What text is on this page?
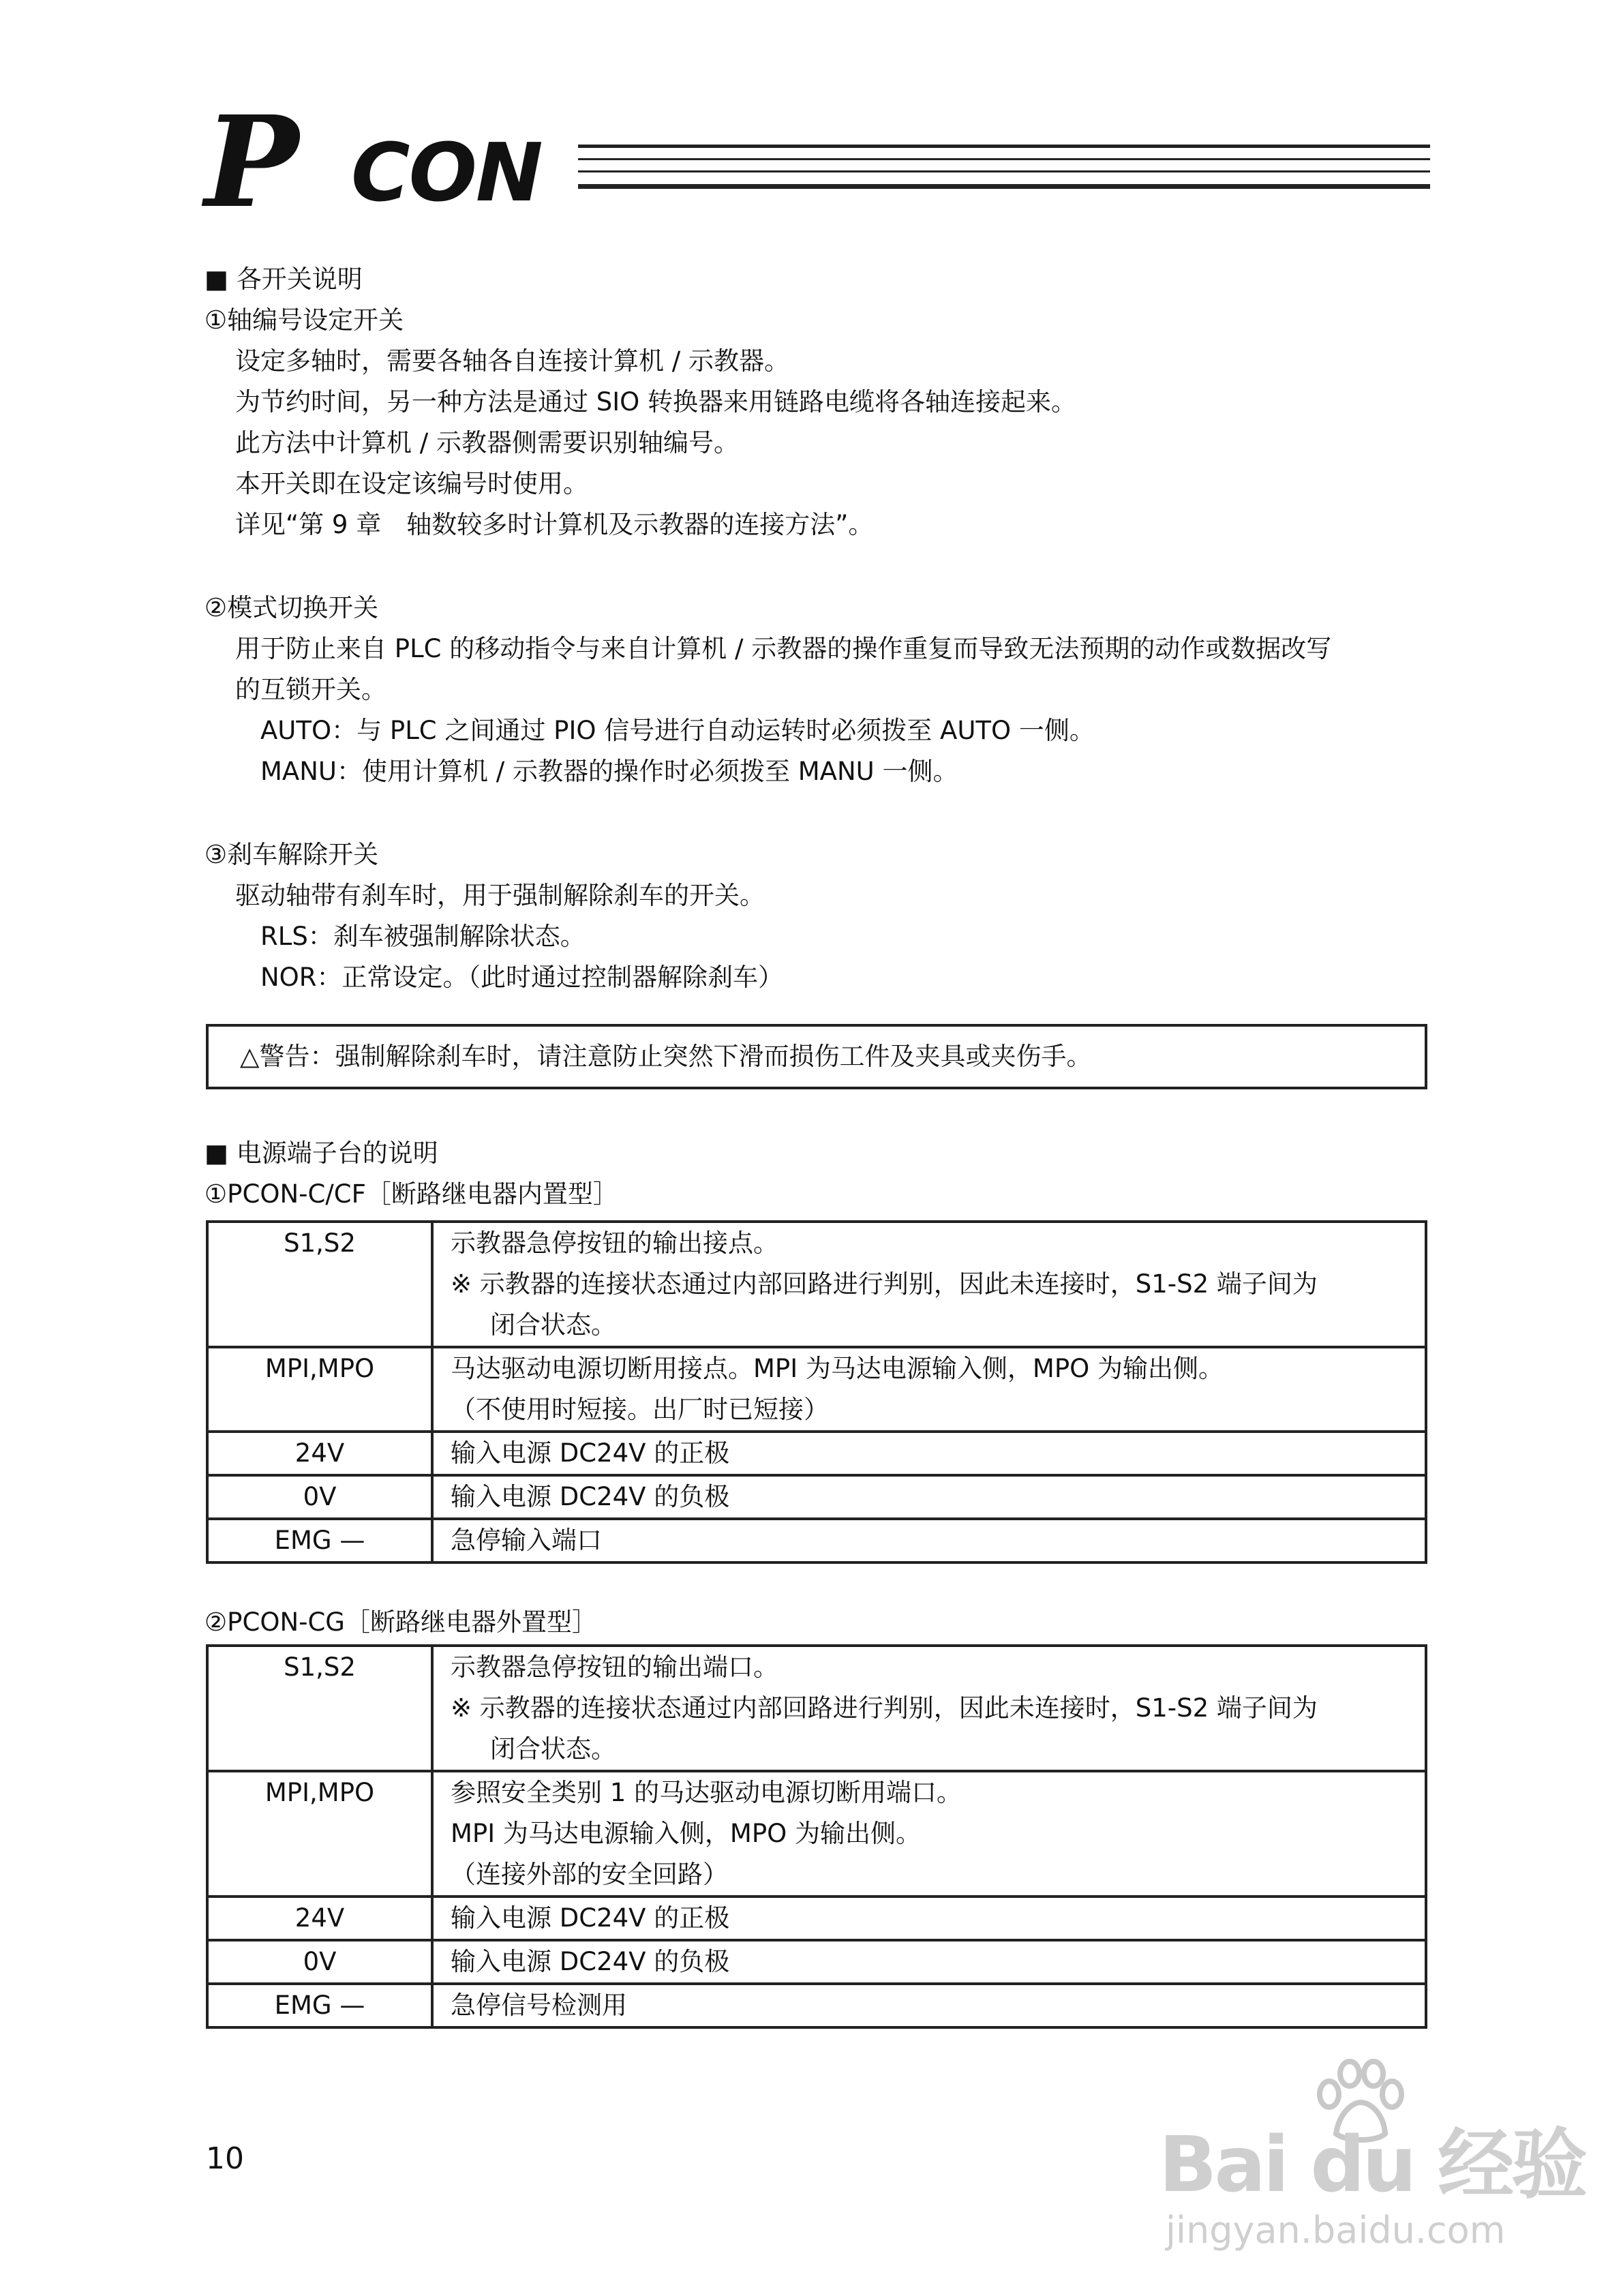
P CON
■ 各开关说明
①轴编号设定开关
设定多轴时，需要各轴各自连接计算机 / 示教器。
为节约时间，另一种方法是通过 SIO 转换器来用链路电缆将各轴连接起来。
此方法中计算机 / 示教器侧需要识别轴编号。
本开关即在设定该编号时使用。
详见“第 9 章　轴数较多时计算机及示教器的连接方法”。
②模式切换开关
用于防止来自 PLC 的移动指令与来自计算机 / 示教器的操作重复而导致无法预期的动作或数据改写
的互锁开关。
AUTO：与 PLC 之间通过 PIO 信号进行自动运转时必须拨至 AUTO 一侧。
MANU：使用计算机 / 示教器的操作时必须拨至 MANU 一侧。
③刹车解除开关
驱动轴带有刹车时，用于强制解除刹车的开关。
RLS：刹车被强制解除状态。
NOR：正常设定。（此时通过控制器解除刹车）
△警告：强制解除刹车时，请注意防止突然下滑而损伤工件及夹具或夹伤手。
■ 电源端子台的说明
①PCON-C/CF［断路继电器内置型］
S1,S2	示教器急停按钮的输出接点。
※ 示教器的连接状态通过内部回路进行判别，因此未连接时，S1-S2 端子间为
闭合状态。

MPI,MPO	马达驱动电源切断用接点。MPI 为马达电源输入侧，MPO 为输出侧。
（不使用时短接。出厂时已短接）

24V	输入电源 DC24V 的正极

0V	输入电源 DC24V 的负极

EMG —	急停输入端口
②PCON-CG［断路继电器外置型］
S1,S2	示教器急停按钮的输出端口。
※ 示教器的连接状态通过内部回路进行判别，因此未连接时，S1-S2 端子间为
闭合状态。

MPI,MPO	参照安全类别 1 的马达驱动电源切断用端口。
MPI 为马达电源输入侧，MPO 为输出侧。
（连接外部的安全回路）

24V	输入电源 DC24V 的正极

0V	输入电源 DC24V 的负极

EMG —	急停信号检测用
10	Bai du 经验
jingyan.baidu.com
